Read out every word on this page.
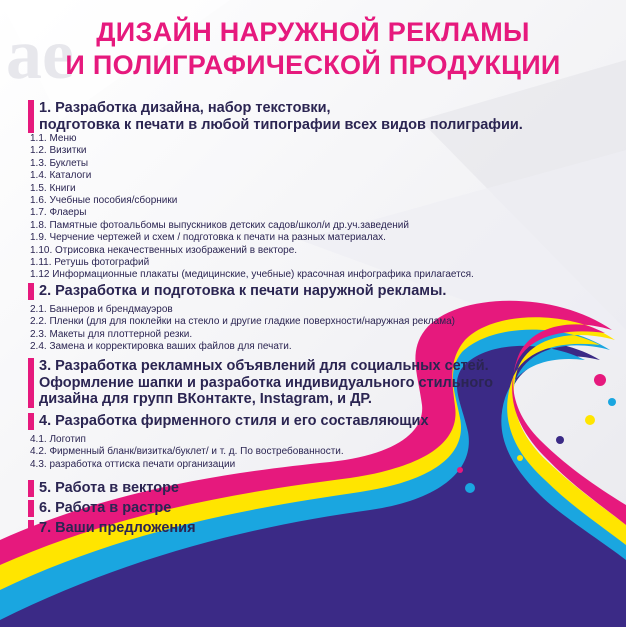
ae ДИЗАЙН НАРУЖНОЙ РЕКЛАМЫ
И ПОЛИГРАФИЧЕСКОЙ ПРОДУКЦИИ
1. Разработка дизайна, набор текстовки,
подготовка к печати в любой типографии всех видов полиграфии.
1.1. Меню
1.2. Визитки
1.3. Буклеты
1.4. Каталоги
1.5. Книги
1.6. Учебные пособия/сборники
1.7. Флаеры
1.8. Памятные фотоальбомы выпускников детских садов/школ/и др.уч.заведений
1.9. Черчение чертежей и схем / подготовка к печати на разных материалах.
1.10. Отрисовка некачественных изображений в векторе.
1.11. Ретушь фотографий
1.12 Информационные плакаты (медицинские, учебные) красочная инфографика прилагается.
2. Разработка и подготовка к печати наружной рекламы.
2.1. Баннеров и брендмауэров
2.2. Пленки (для для поклейки на стекло и другие гладкие поверхности/наружная реклама)
2.3. Макеты для плоттерной резки.
2.4. Замена и корректировка ваших файлов для печати.
3. Разработка рекламных объявлений для социальных сетей.
Оформление шапки и разработка индивидуального стильного
дизайна для групп ВКонтакте, Instagram, и ДР.
4. Разработка фирменного стиля и его составляющих
4.1. Логотип
4.2. Фирменный бланк/визитка/буклет/ и т. д. По востребованности.
4.3. разработка оттиска печати организации
5. Работа в векторе
6. Работа в растре
7. Ваши предложения
